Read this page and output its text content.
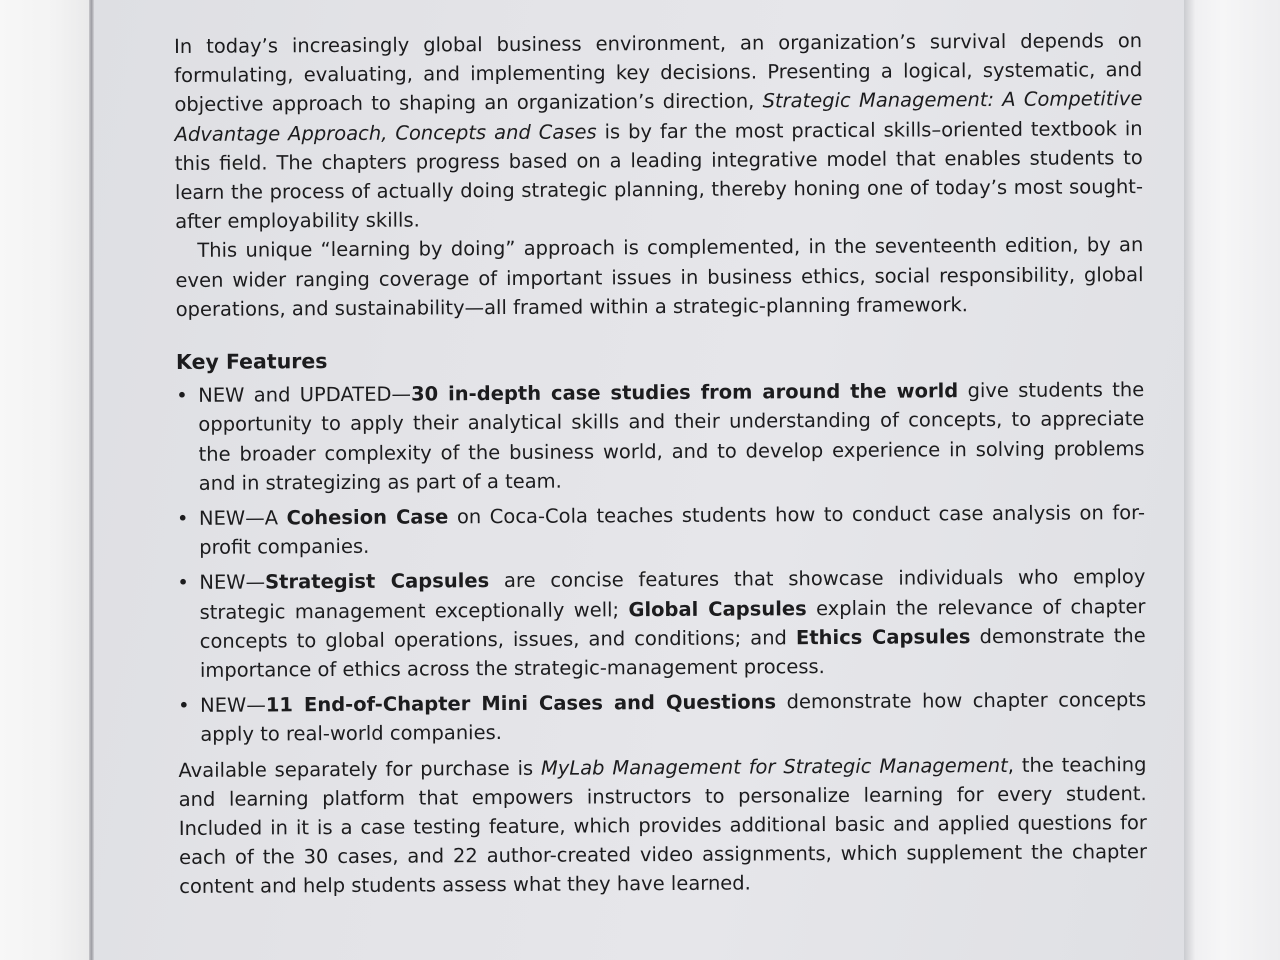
In today’s increasingly global business environment, an organization’s survival depends on formulating, evaluating, and implementing key decisions. Presenting a logical, systematic, and objective approach to shaping an organization’s direction, Strategic Management: A Competitive Advantage Approach, Concepts and Cases is by far the most practical skills–oriented textbook in this field. The chapters progress based on a leading integrative model that enables students to learn the process of actually doing strategic planning, thereby honing one of today’s most sought-after employability skills.

This unique “learning by doing” approach is complemented, in the seventeenth edition, by an even wider ranging coverage of important issues in business ethics, social responsibility, global operations, and sustainability—all framed within a strategic-planning framework.

Key Features
• NEW and UPDATED—30 in-depth case studies from around the world give students the opportunity to apply their analytical skills and their understanding of concepts, to appreciate the broader complexity of the business world, and to develop experience in solving problems and in strategizing as part of a team.
• NEW—A Cohesion Case on Coca-Cola teaches students how to conduct case analysis on for-profit companies.
• NEW—Strategist Capsules are concise features that showcase individuals who employ strategic management exceptionally well; Global Capsules explain the relevance of chapter concepts to global operations, issues, and conditions; and Ethics Capsules demonstrate the importance of ethics across the strategic-management process.
• NEW—11 End-of-Chapter Mini Cases and Questions demonstrate how chapter concepts apply to real-world companies.

Available separately for purchase is MyLab Management for Strategic Management, the teaching and learning platform that empowers instructors to personalize learning for every student. Included in it is a case testing feature, which provides additional basic and applied questions for each of the 30 cases, and 22 author-created video assignments, which supplement the chapter content and help students assess what they have learned.
